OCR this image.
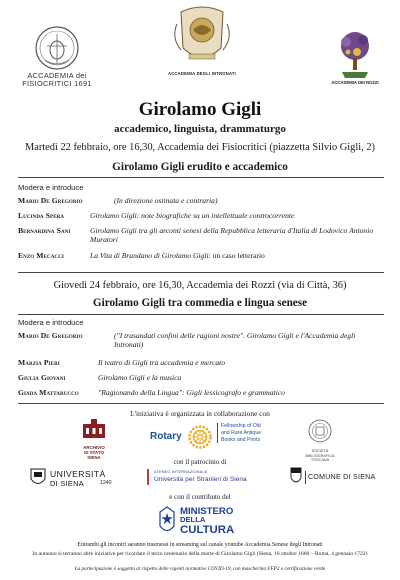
ACCADEMIA dei
FISIOCRITICI 1691
ACCADEMIA DEGLI INTRONATI
ACCADEMIA DEI ROZZI
Girolamo Gigli
accademico, linguista, drammaturgo
Martedì 22 febbraio, ore 16,30, Accademia dei Fisiocritici (piazzetta Silvio Gigli, 2)
Girolamo Gigli erudito e accademico
Modera e introduce
Mario De Gregorio	(In direzione ostinata e contraria)
Lucinda Spera	Girolamo Gigli: note biografiche su un intellettuale controcorrente
Bernardina Sani	Girolamo Gigli tra gli arconti senesi della Repubblica letteraria d'Italia di Lodovico Antonio Muratori
Enzo Mecacci	La Vita di Brandano di Girolamo Gigli: un caso letterario
Giovedì 24 febbraio, ore 16,30, Accademia dei Rozzi (via di Città, 36)
Girolamo Gigli tra commedia e lingua senese
Modera e introduce
Mario De Gregorio	("I trasandati confini delle ragioni nostre". Girolamo Gigli e l'Accademia degli Intronati)
Marzia Pieri	Il teatro di Gigli tra accademia e mercato
Giulia Giovani	Girolamo Gigli e la musica
Giada Mattarucco	"Ragionando della Lingua": Gigli lessicografo e grammatico
L'iniziativa è organizzata in collaborazione con
ARCHIVIO
DI STATO
SIENA
Rotary
Fellowship of Old
and Rare Antique
Books and Prints
SOCIETÀ BIBLIOGRAFICA
TOSCANA
con il patrocinio di
UNIVERSITÀ
DI SIENA	1240
ATENEO INTERNAZIONALE
Università per Stranieri di Siena	COMUNE DI SIENA
e con il contributo del
MINISTERO
DELLA
CULTURA
Entrambi gli incontri saranno trasmessi in streaming sul canale youtube Accademia Senese degli Intronati
In autunno si terranno altre iniziative per ricordare il terzo centenario della morte di Girolamo Gigli (Siena, 16 ottobre 1660 – Roma, 4 gennaio 1722)
La partecipazione è soggetta al rispetto delle vigenti normative COVID-19, con mascherina FFP2 e certificazione verde
